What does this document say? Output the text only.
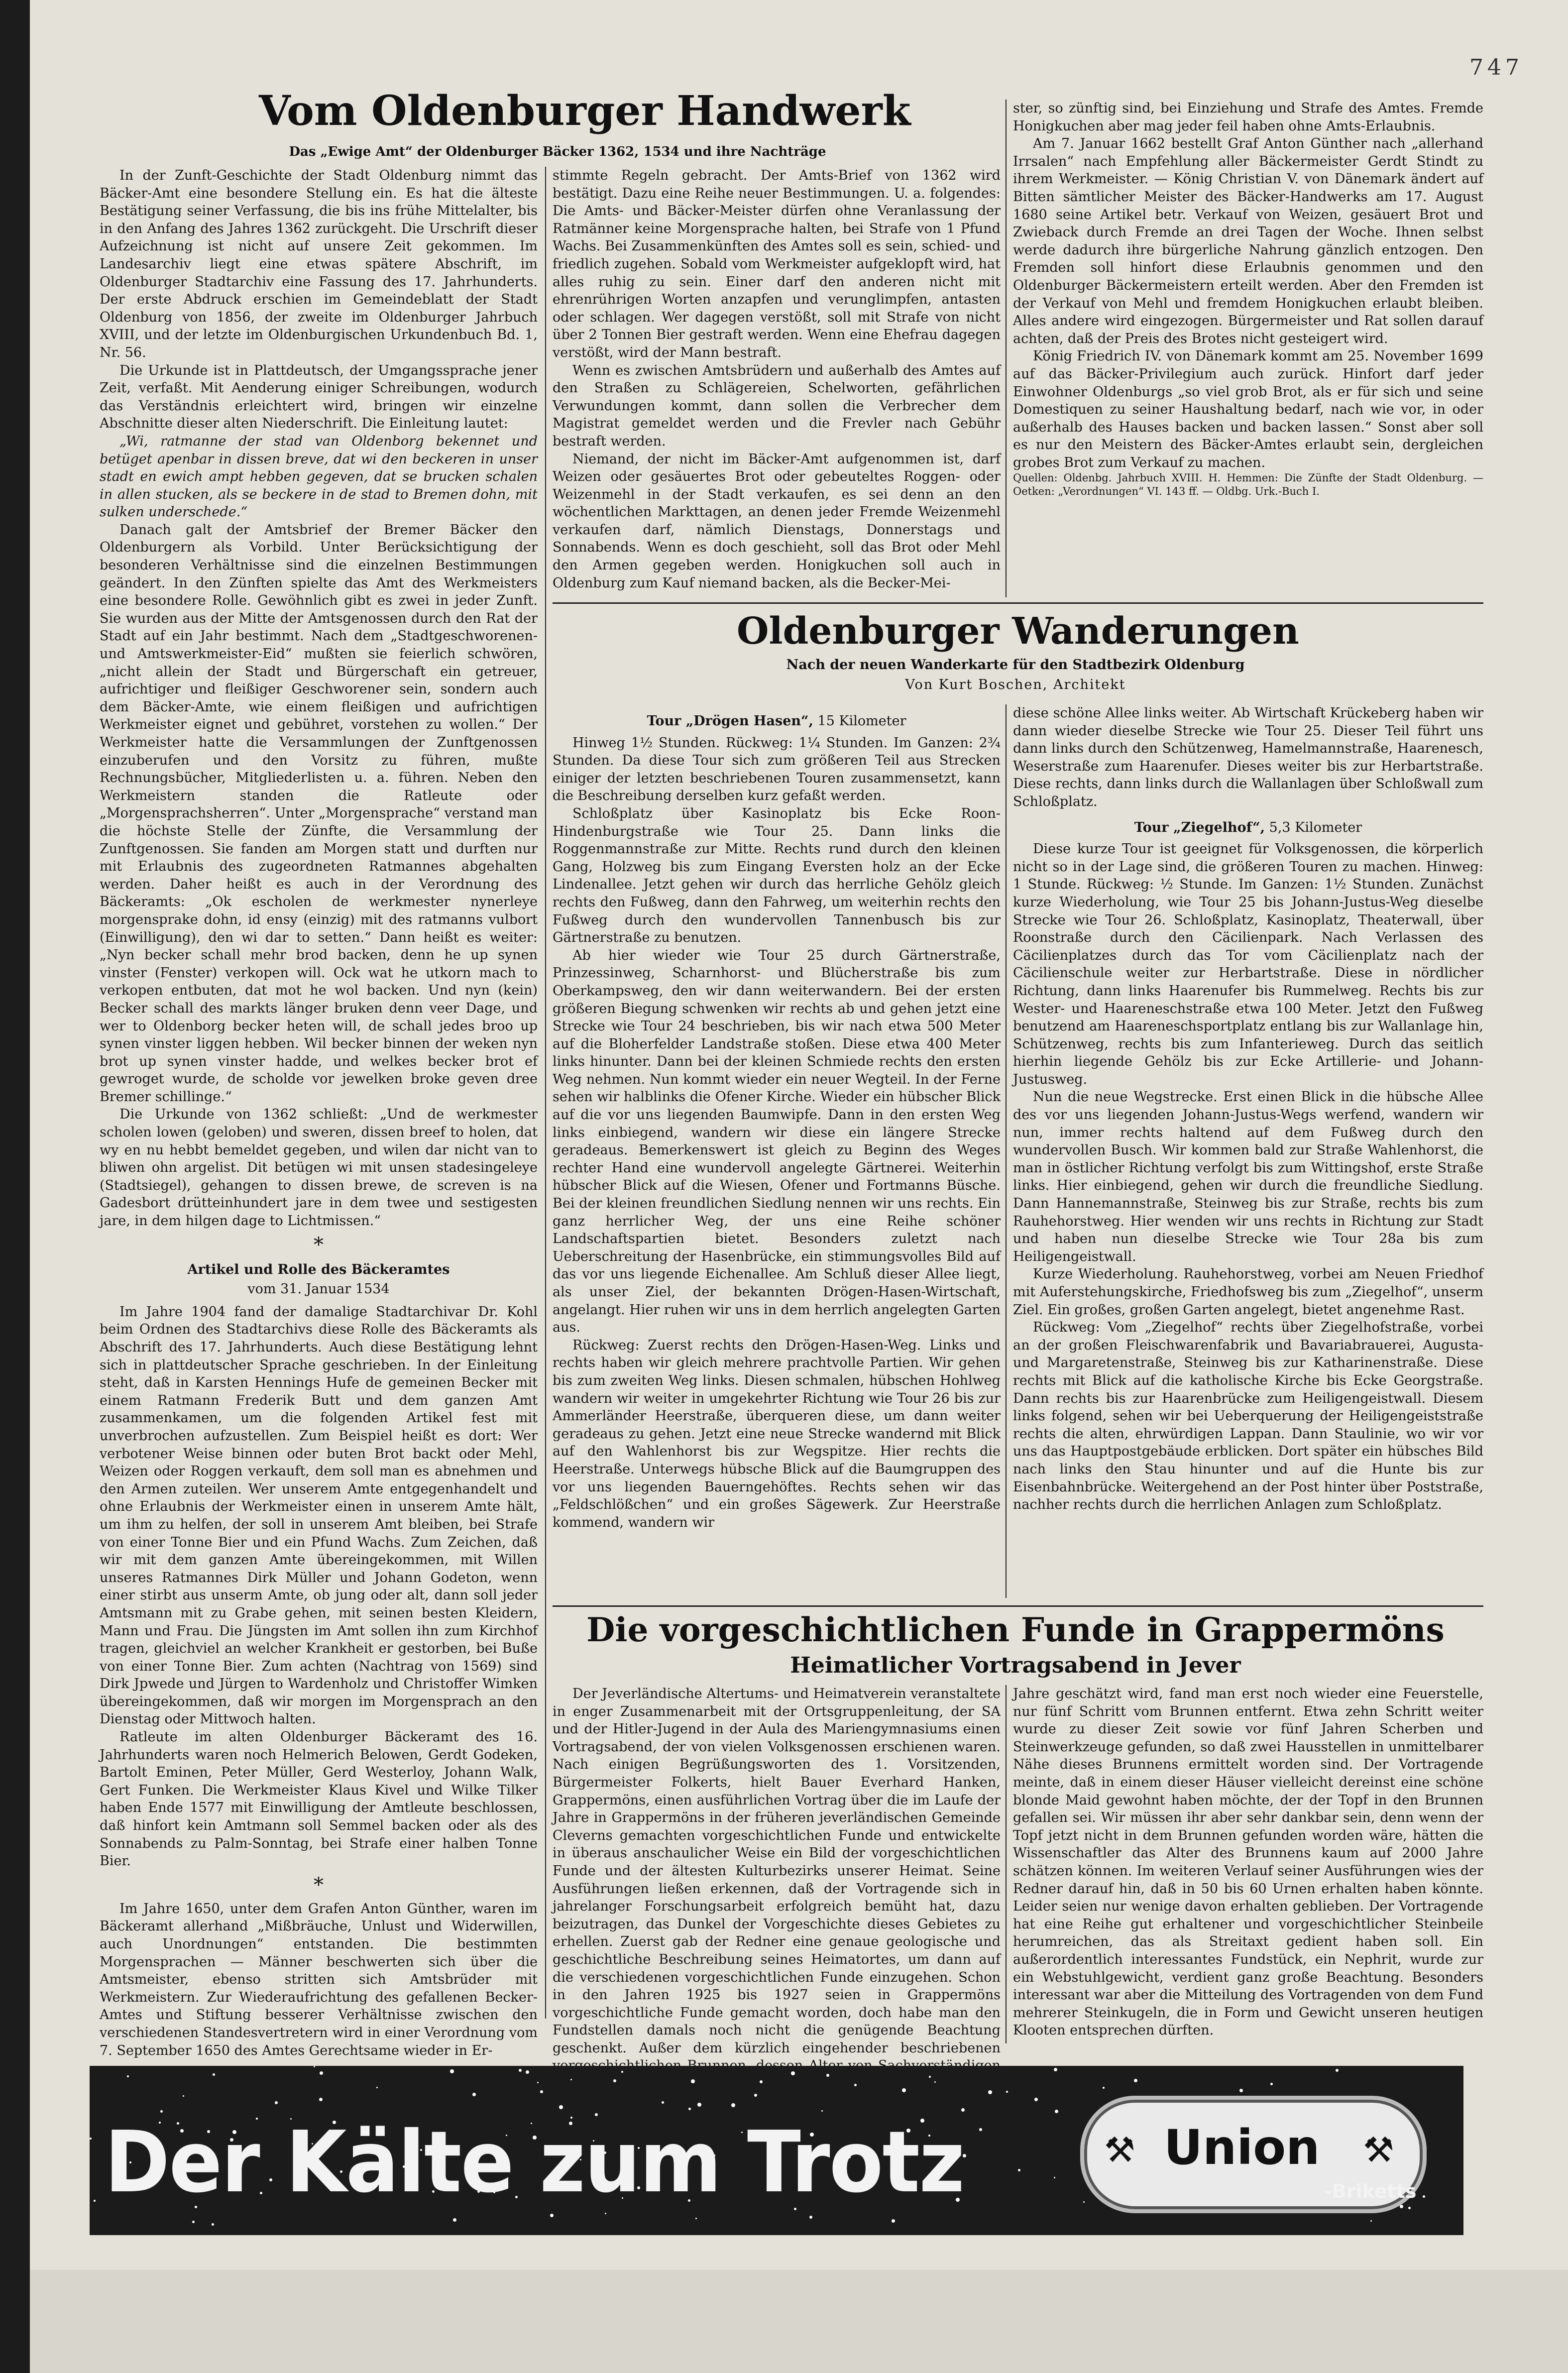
747
Vom Oldenburger Handwerk
Das „Ewige Amt“ der Oldenburger Bäcker 1362, 1534 und ihre Nachträge

In der Zunft-Geschichte der Stadt Oldenburg nimmt das Bäcker-Amt eine besondere Stellung ein. Es hat die älteste Bestätigung seiner Verfassung, die bis ins frühe Mittelalter, bis in den Anfang des Jahres 1362 zurückgeht. Die Urschrift dieser Aufzeichnung ist nicht auf unsere Zeit gekommen. Im Landesarchiv liegt eine etwas spätere Abschrift, im Oldenburger Stadtarchiv eine Fassung des 17. Jahrhunderts. Der erste Abdruck erschien im Gemeindeblatt der Stadt Oldenburg von 1856, der zweite im Oldenburger Jahrbuch XVIII, und der letzte im Oldenburgischen Urkundenbuch Bd. 1, Nr. 56.

Die Urkunde ist in Plattdeutsch, der Umgangssprache jener Zeit, verfaßt. Mit Aenderung einiger Schreibungen, wodurch das Verständnis erleichtert wird, bringen wir einzelne Abschnitte dieser alten Niederschrift. Die Einleitung lautet:

„Wi, ratmanne der stad van Oldenborg bekennet und betüget apenbar in dissen breve, dat wi den beckeren in unser stadt en ewich ampt hebben gegeven, dat se brucken schalen in allen stucken, als se beckere in de stad to Bremen dohn, mit sulken underschede.“

Danach galt der Amtsbrief der Bremer Bäcker den Oldenburgern als Vorbild. Unter Berücksichtigung der besonderen Verhältnisse sind die einzelnen Bestimmungen geändert. In den Zünften spielte das Amt des Werkmeisters eine besondere Rolle. Gewöhnlich gibt es zwei in jeder Zunft. Sie wurden aus der Mitte der Amtsgenossen durch den Rat der Stadt auf ein Jahr bestimmt. Nach dem „Stadtgeschworenen- und Amtswerkmeister-Eid“ mußten sie feierlich schwören, „nicht allein der Stadt und Bürgerschaft ein getreuer, aufrichtiger und fleißiger Geschworener sein, sondern auch dem Bäcker-Amte, wie einem fleißigen und aufrichtigen Werkmeister eignet und gebühret, vorstehen zu wollen.“ Der Werkmeister hatte die Versammlungen der Zunftgenossen einzuberufen und den Vorsitz zu führen, mußte Rechnungsbücher, Mitgliederlisten u. a. führen. Neben den Werkmeistern standen die Ratleute oder „Morgensprachsherren“. Unter „Morgensprache“ verstand man die höchste Stelle der Zünfte, die Versammlung der Zunftgenossen. Sie fanden am Morgen statt und durften nur mit Erlaubnis des zugeordneten Ratmannes abgehalten werden. Daher heißt es auch in der Verordnung des Bäckeramts: „Ok escholen de werkmester nynerleye morgensprake dohn, id ensy (einzig) mit des ratmanns vulbort (Einwilligung), den wi dar to setten.“ Dann heißt es weiter: „Nyn becker schall mehr brod backen, denn he up synen vinster (Fenster) verkopen will. Ock wat he utkorn mach to verkopen entbuten, dat mot he wol backen. Und nyn (kein) Becker schall des markts länger bruken denn veer Dage, und wer to Oldenborg becker heten will, de schall jedes broo up synen vinster liggen hebben. Wil becker binnen der weken nyn brot up synen vinster hadde, und welkes becker brot ef gewroget wurde, de scholde vor jewelken broke geven dree Bremer schillinge.“

Die Urkunde von 1362 schließt: „Und de werkmester scholen lowen (geloben) und sweren, dissen breef to holen, dat wy en nu hebbt bemeldet gegeben, und wilen dar nicht van to bliwen ohn argelist. Dit betügen wi mit unsen stadesingeleye (Stadtsiegel), gehangen to dissen brewe, de screven is na Gadesbort drütteinhundert jare in dem twee und sestigesten jare, in dem hilgen dage to Lichtmissen.“

*

Artikel und Rolle des Bäckeramtes

vom 31. Januar 1534

Im Jahre 1904 fand der damalige Stadtarchivar Dr. Kohl beim Ordnen des Stadtarchivs diese Rolle des Bäckeramts als Abschrift des 17. Jahrhunderts. Auch diese Bestätigung lehnt sich in plattdeutscher Sprache geschrieben. In der Einleitung steht, daß in Karsten Hennings Hufe de gemeinen Becker mit einem Ratmann Frederik Butt und dem ganzen Amt zusammenkamen, um die folgenden Artikel fest mit unverbrochen aufzustellen. Zum Beispiel heißt es dort: Wer verbotener Weise binnen oder buten Brot backt oder Mehl, Weizen oder Roggen verkauft, dem soll man es abnehmen und den Armen zuteilen. Wer unserem Amte entgegenhandelt und ohne Erlaubnis der Werkmeister einen in unserem Amte hält, um ihm zu helfen, der soll in unserem Amt bleiben, bei Strafe von einer Tonne Bier und ein Pfund Wachs. Zum Zeichen, daß wir mit dem ganzen Amte übereingekommen, mit Willen unseres Ratmannes Dirk Müller und Johann Godeton, wenn einer stirbt aus unserm Amte, ob jung oder alt, dann soll jeder Amtsmann mit zu Grabe gehen, mit seinen besten Kleidern, Mann und Frau. Die Jüngsten im Amt sollen ihn zum Kirchhof tragen, gleichviel an welcher Krankheit er gestorben, bei Buße von einer Tonne Bier. Zum achten (Nachtrag von 1569) sind Dirk Jpwede und Jürgen to Wardenholz und Christoffer Wimken übereingekommen, daß wir morgen im Morgensprach an den Dienstag oder Mittwoch halten.

Ratleute im alten Oldenburger Bäckeramt des 16. Jahrhunderts waren noch Helmerich Belowen, Gerdt Godeken, Bartolt Eminen, Peter Müller, Gerd Westerloy, Johann Walk, Gert Funken. Die Werkmeister Klaus Kivel und Wilke Tilker haben Ende 1577 mit Einwilligung der Amtleute beschlossen, daß hinfort kein Amtmann soll Semmel backen oder als des Sonnabends zu Palm-Sonntag, bei Strafe einer halben Tonne Bier.

*

Im Jahre 1650, unter dem Grafen Anton Günther, waren im Bäckeramt allerhand „Mißbräuche, Unlust und Widerwillen, auch Unordnungen“ entstanden. Die bestimmten Morgensprachen — Männer beschwerten sich über die Amtsmeister, ebenso stritten sich Amtsbrüder mit Werkmeistern. Zur Wiederaufrichtung des gefallenen Becker-Amtes und Stiftung besserer Verhältnisse zwischen den verschiedenen Standesvertretern wird in einer Verordnung vom 7. September 1650 des Amtes Gerechtsame wieder in Er-

stimmte Regeln gebracht. Der Amts-Brief von 1362 wird bestätigt. Dazu eine Reihe neuer Bestimmungen. U. a. folgendes: Die Amts- und Bäcker-Meister dürfen ohne Veranlassung der Ratmänner keine Morgensprache halten, bei Strafe von 1 Pfund Wachs. Bei Zusammenkünften des Amtes soll es sein, schied- und friedlich zugehen. Sobald vom Werkmeister aufgeklopft wird, hat alles ruhig zu sein. Einer darf den anderen nicht mit ehrenrührigen Worten anzapfen und verunglimpfen, antasten oder schlagen. Wer dagegen verstößt, soll mit Strafe von nicht über 2 Tonnen Bier gestraft werden. Wenn eine Ehefrau dagegen verstößt, wird der Mann bestraft.

Wenn es zwischen Amtsbrüdern und außerhalb des Amtes auf den Straßen zu Schlägereien, Schelworten, gefährlichen Verwundungen kommt, dann sollen die Verbrecher dem Magistrat gemeldet werden und die Frevler nach Gebühr bestraft werden.

Niemand, der nicht im Bäcker-Amt aufgenommen ist, darf Weizen oder gesäuertes Brot oder gebeuteltes Roggen- oder Weizenmehl in der Stadt verkaufen, es sei denn an den wöchentlichen Markttagen, an denen jeder Fremde Weizenmehl verkaufen darf, nämlich Dienstags, Donnerstags und Sonnabends. Wenn es doch geschieht, soll das Brot oder Mehl den Armen gegeben werden. Honigkuchen soll auch in Oldenburg zum Kauf niemand backen, als die Becker-Mei-

ster, so zünftig sind, bei Einziehung und Strafe des Amtes. Fremde Honigkuchen aber mag jeder feil haben ohne Amts-Erlaubnis.

Am 7. Januar 1662 bestellt Graf Anton Günther nach „allerhand Irrsalen“ nach Empfehlung aller Bäckermeister Gerdt Stindt zu ihrem Werkmeister. — König Christian V. von Dänemark ändert auf Bitten sämtlicher Meister des Bäcker-Handwerks am 17. August 1680 seine Artikel betr. Verkauf von Weizen, gesäuert Brot und Zwieback durch Fremde an drei Tagen der Woche. Ihnen selbst werde dadurch ihre bürgerliche Nahrung gänzlich entzogen. Den Fremden soll hinfort diese Erlaubnis genommen und den Oldenburger Bäckermeistern erteilt werden. Aber den Fremden ist der Verkauf von Mehl und fremdem Honigkuchen erlaubt bleiben. Alles andere wird eingezogen. Bürgermeister und Rat sollen darauf achten, daß der Preis des Brotes nicht gesteigert wird.

König Friedrich IV. von Dänemark kommt am 25. November 1699 auf das Bäcker-Privilegium auch zurück. Hinfort darf jeder Einwohner Oldenburgs „so viel grob Brot, als er für sich und seine Domestiquen zu seiner Haushaltung bedarf, nach wie vor, in oder außerhalb des Hauses backen und backen lassen.“ Sonst aber soll es nur den Meistern des Bäcker-Amtes erlaubt sein, dergleichen grobes Brot zum Verkauf zu machen.

Quellen: Oldenbg. Jahrbuch XVIII. H. Hemmen: Die Zünfte der Stadt Oldenburg. — Oetken: „Verordnungen“ VI. 143 ff. — Oldbg. Urk.-Buch I.

Oldenburger Wanderungen
Nach der neuen Wanderkarte für den Stadtbezirk Oldenburg
Von Kurt Boschen, Architekt

Tour „Drögen Hasen“, 15 Kilometer

Hinweg 1½ Stunden. Rückweg: 1¼ Stunden. Im Ganzen: 2¾ Stunden. Da diese Tour sich zum größeren Teil aus Strecken einiger der letzten beschriebenen Touren zusammensetzt, kann die Beschreibung derselben kurz gefaßt werden.

Schloßplatz über Kasinoplatz bis Ecke Roon-Hindenburgstraße wie Tour 25. Dann links die Roggenmannstraße zur Mitte. Rechts rund durch den kleinen Gang, Holzweg bis zum Eingang Eversten holz an der Ecke Lindenallee. Jetzt gehen wir durch das herrliche Gehölz gleich rechts den Fußweg, dann den Fahrweg, um weiterhin rechts den Fußweg durch den wundervollen Tannenbusch bis zur Gärtnerstraße zu benutzen.

Ab hier wieder wie Tour 25 durch Gärtnerstraße, Prinzessinweg, Scharnhorst- und Blücherstraße bis zum Oberkampsweg, den wir dann weiterwandern. Bei der ersten größeren Biegung schwenken wir rechts ab und gehen jetzt eine Strecke wie Tour 24 beschrieben, bis wir nach etwa 500 Meter auf die Bloherfelder Landstraße stoßen. Diese etwa 400 Meter links hinunter. Dann bei der kleinen Schmiede rechts den ersten Weg nehmen. Nun kommt wieder ein neuer Wegteil. In der Ferne sehen wir halblinks die Ofener Kirche. Wieder ein hübscher Blick auf die vor uns liegenden Baumwipfe. Dann in den ersten Weg links einbiegend, wandern wir diese ein längere Strecke geradeaus. Bemerkenswert ist gleich zu Beginn des Weges rechter Hand eine wundervoll angelegte Gärtnerei. Weiterhin hübscher Blick auf die Wiesen, Ofener und Fortmanns Büsche. Bei der kleinen freundlichen Siedlung nennen wir uns rechts. Ein ganz herrlicher Weg, der uns eine Reihe schöner Landschaftspartien bietet. Besonders zuletzt nach Ueberschreitung der Hasenbrücke, ein stimmungsvolles Bild auf das vor uns liegende Eichenallee. Am Schluß dieser Allee liegt, als unser Ziel, der bekannten Drögen-Hasen-Wirtschaft, angelangt. Hier ruhen wir uns in dem herrlich angelegten Garten aus.

Rückweg: Zuerst rechts den Drögen-Hasen-Weg. Links und rechts haben wir gleich mehrere prachtvolle Partien. Wir gehen bis zum zweiten Weg links. Diesen schmalen, hübschen Hohlweg wandern wir weiter in umgekehrter Richtung wie Tour 26 bis zur Ammerländer Heerstraße, überqueren diese, um dann weiter geradeaus zu gehen. Jetzt eine neue Strecke wandernd mit Blick auf den Wahlenhorst bis zur Wegspitze. Hier rechts die Heerstraße. Unterwegs hübsche Blick auf die Baumgruppen des vor uns liegenden Bauerngehöftes. Rechts sehen wir das „Feldschlößchen“ und ein großes Sägewerk. Zur Heerstraße kommend, wandern wir

diese schöne Allee links weiter. Ab Wirtschaft Krückeberg haben wir dann wieder dieselbe Strecke wie Tour 25. Dieser Teil führt uns dann links durch den Schützenweg, Hamelmannstraße, Haarenesch, Weserstraße zum Haarenufer. Dieses weiter bis zur Herbartstraße. Diese rechts, dann links durch die Wallanlagen über Schloßwall zum Schloßplatz.

Tour „Ziegelhof“, 5,3 Kilometer

Diese kurze Tour ist geeignet für Volksgenossen, die körperlich nicht so in der Lage sind, die größeren Touren zu machen. Hinweg: 1 Stunde. Rückweg: ½ Stunde. Im Ganzen: 1½ Stunden. Zunächst kurze Wiederholung, wie Tour 25 bis Johann-Justus-Weg dieselbe Strecke wie Tour 26. Schloßplatz, Kasinoplatz, Theaterwall, über Roonstraße durch den Cäcilienpark. Nach Verlassen des Cäcilienplatzes durch das Tor vom Cäcilienplatz nach der Cäcilienschule weiter zur Herbartstraße. Diese in nördlicher Richtung, dann links Haarenufer bis Rummelweg. Rechts bis zur Wester- und Haareneschstraße etwa 100 Meter. Jetzt den Fußweg benutzend am Haareneschsportplatz entlang bis zur Wallanlage hin, Schützenweg, rechts bis zum Infanterieweg. Durch das seitlich hierhin liegende Gehölz bis zur Ecke Artillerie- und Johann-Justusweg.

Nun die neue Wegstrecke. Erst einen Blick in die hübsche Allee des vor uns liegenden Johann-Justus-Wegs werfend, wandern wir nun, immer rechts haltend auf dem Fußweg durch den wundervollen Busch. Wir kommen bald zur Straße Wahlenhorst, die man in östlicher Richtung verfolgt bis zum Wittingshof, erste Straße links. Hier einbiegend, gehen wir durch die freundliche Siedlung. Dann Hannemannstraße, Steinweg bis zur Straße, rechts bis zum Rauhehorstweg. Hier wenden wir uns rechts in Richtung zur Stadt und haben nun dieselbe Strecke wie Tour 28a bis zum Heiligengeistwall.

Kurze Wiederholung. Rauhehorstweg, vorbei am Neuen Friedhof mit Auferstehungskirche, Friedhofsweg bis zum „Ziegelhof“, unserm Ziel. Ein großes, großen Garten angelegt, bietet angenehme Rast.

Rückweg: Vom „Ziegelhof“ rechts über Ziegelhofstraße, vorbei an der großen Fleischwarenfabrik und Bavariabrauerei, Augusta- und Margaretenstraße, Steinweg bis zur Katharinenstraße. Diese rechts mit Blick auf die katholische Kirche bis Ecke Georgstraße. Dann rechts bis zur Haarenbrücke zum Heiligengeistwall. Diesem links folgend, sehen wir bei Ueberquerung der Heiligengeiststraße rechts die alten, ehrwürdigen Lappan. Dann Staulinie, wo wir vor uns das Hauptpostgebäude erblicken. Dort später ein hübsches Bild nach links den Stau hinunter und auf die Hunte bis zur Eisenbahnbrücke. Weitergehend an der Post hinter über Poststraße, nachher rechts durch die herrlichen Anlagen zum Schloßplatz.

Die vorgeschichtlichen Funde in Grappermöns
Heimatlicher Vortragsabend in Jever

Der Jeverländische Altertums- und Heimatverein veranstaltete in enger Zusammenarbeit mit der Ortsgruppenleitung, der SA und der Hitler-Jugend in der Aula des Mariengymnasiums einen Vortragsabend, der von vielen Volksgenossen erschienen waren. Nach einigen Begrüßungsworten des 1. Vorsitzenden, Bürgermeister Folkerts, hielt Bauer Everhard Hanken, Grappermöns, einen ausführlichen Vortrag über die im Laufe der Jahre in Grappermöns in der früheren jeverländischen Gemeinde Cleverns gemachten vorgeschichtlichen Funde und entwickelte in überaus anschaulicher Weise ein Bild der vorgeschichtlichen Funde und der ältesten Kulturbezirks unserer Heimat. Seine Ausführungen ließen erkennen, daß der Vortragende sich in jahrelanger Forschungsarbeit erfolgreich bemüht hat, dazu beizutragen, das Dunkel der Vorgeschichte dieses Gebietes zu erhellen. Zuerst gab der Redner eine genaue geologische und geschichtliche Beschreibung seines Heimatortes, um dann auf die verschiedenen vorgeschichtlichen Funde einzugehen. Schon in den Jahren 1925 bis 1927 seien in Grappermöns vorgeschichtliche Funde gemacht worden, doch habe man den Fundstellen damals noch nicht die genügende Beachtung geschenkt. Außer dem kürzlich eingehender beschriebenen

Jahre geschätzt wird, fand man erst noch wieder eine Feuerstelle, nur fünf Schritt vom Brunnen entfernt. Etwa zehn Schritt weiter wurde zu dieser Zeit sowie vor fünf Jahren Scherben und Steinwerkzeuge gefunden, so daß zwei Hausstellen in unmittelbarer Nähe dieses Brunnens ermittelt worden sind. Der Vortragende meinte, daß in einem dieser Häuser vielleicht dereinst eine schöne blonde Maid gewohnt haben möchte, der der Topf in den Brunnen gefallen sei. Wir müssen ihr aber sehr dankbar sein, denn wenn der Topf jetzt nicht in dem Brunnen gefunden worden wäre, hätten die Wissenschaftler das Alter des Brunnens kaum auf 2000 Jahre schätzen können. Im weiteren Verlauf seiner Ausführungen wies der Redner darauf hin, daß in 50 bis 60 Urnen erhalten haben könnte. Leider seien nur wenige davon erhalten geblieben. Der Vortragende hat eine Reihe gut erhaltener und vorgeschichtlicher Steinbeile herumreichen, das als Streitaxt gedient haben soll. Ein außerordentlich interessantes Fundstück, ein Nephrit, wurde zur ein Webstuhlgewicht, verdient ganz große Beachtung. Besonders interessant war aber die Mitteilung des Vortragenden von dem Fund mehrerer Steinkugeln, die in Form und Gewicht unseren heutigen Klooten entsprechen dürften.

Der Kälte zum Trotz	⚒ Union ⚒
-Briketts
